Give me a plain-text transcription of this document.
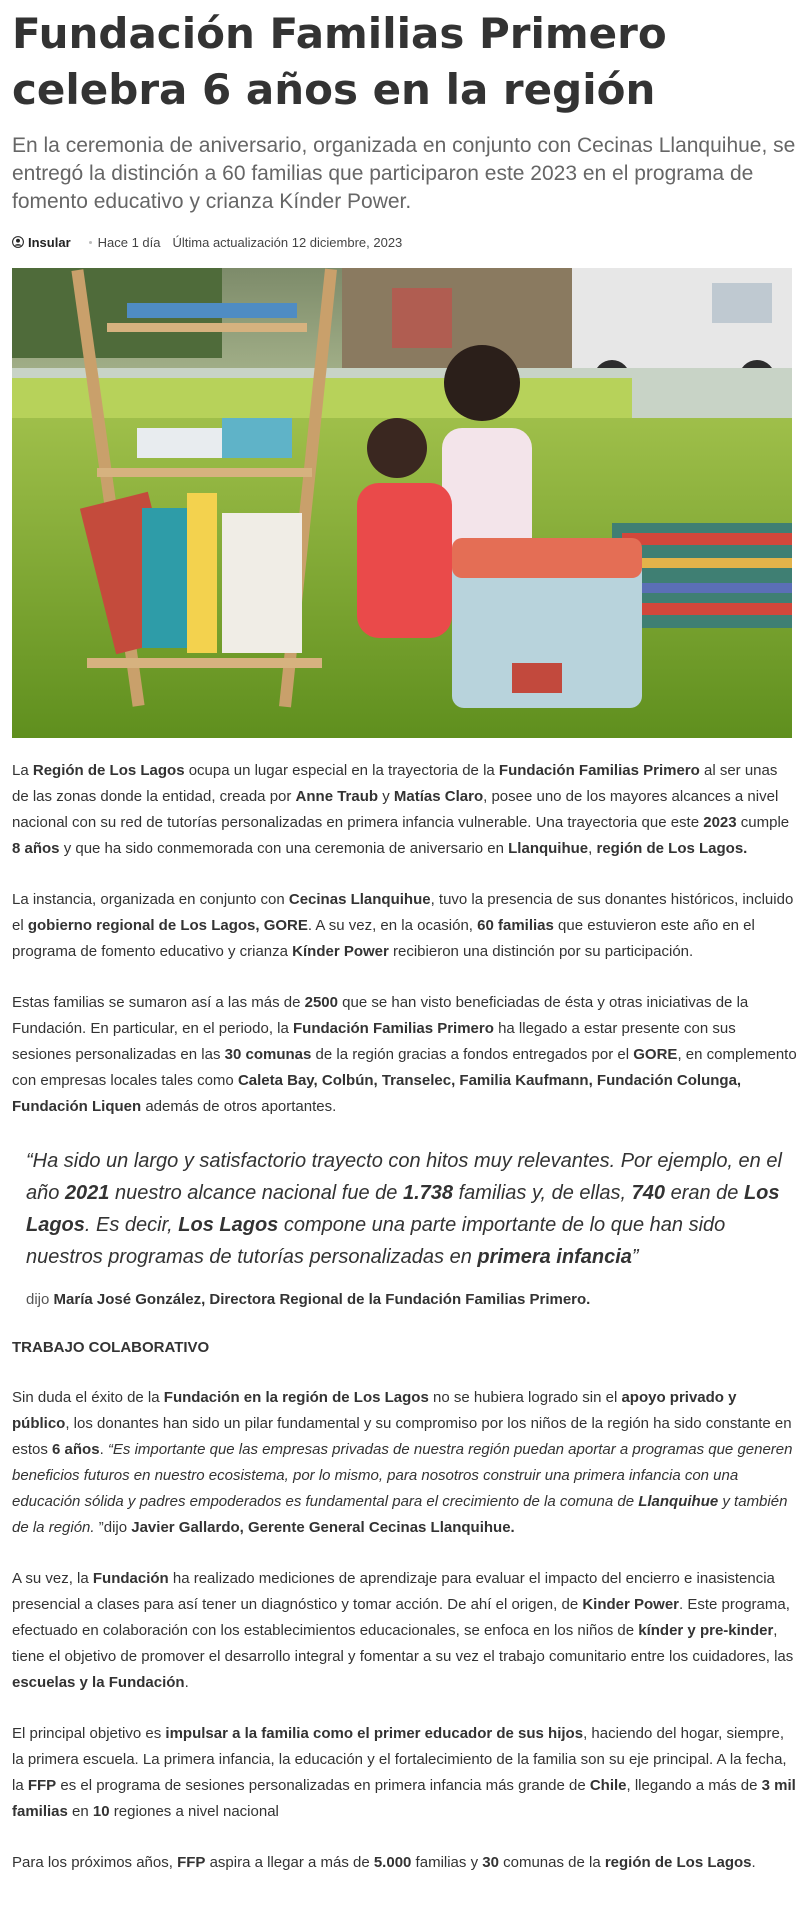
Fundación Familias Primero celebra 6 años en la región
En la ceremonia de aniversario, organizada en conjunto con Cecinas Llanquihue, se entregó la distinción a 60 familias que participaron este 2023 en el programa de fomento educativo y crianza Kínder Power.
Insular Hace 1 día Última actualización 12 diciembre, 2023

La Región de Los Lagos ocupa un lugar especial en la trayectoria de la Fundación Familias Primero al ser unas de las zonas donde la entidad, creada por Anne Traub y Matías Claro, posee uno de los mayores alcances a nivel nacional con su red de tutorías personalizadas en primera infancia vulnerable. Una trayectoria que este 2023 cumple 8 años y que ha sido conmemorada con una ceremonia de aniversario en Llanquihue, región de Los Lagos.

La instancia, organizada en conjunto con Cecinas Llanquihue, tuvo la presencia de sus donantes históricos, incluido el gobierno regional de Los Lagos, GORE. A su vez, en la ocasión, 60 familias que estuvieron este año en el programa de fomento educativo y crianza Kínder Power recibieron una distinción por su participación.

Estas familias se sumaron así a las más de 2500 que se han visto beneficiadas de ésta y otras iniciativas de la Fundación. En particular, en el periodo, la Fundación Familias Primero ha llegado a estar presente con sus sesiones personalizadas en las 30 comunas de la región gracias a fondos entregados por el GORE, en complemento con empresas locales tales como Caleta Bay, Colbún, Transelec, Familia Kaufmann, Fundación Colunga, Fundación Liquen además de otros aportantes.

“Ha sido un largo y satisfactorio trayecto con hitos muy relevantes. Por ejemplo, en el año 2021 nuestro alcance nacional fue de 1.738 familias y, de ellas, 740 eran de Los Lagos. Es decir, Los Lagos compone una parte importante de lo que han sido nuestros programas de tutorías personalizadas en primera infancia”
dijo María José González, Directora Regional de la Fundación Familias Primero.
TRABAJO COLABORATIVO

Sin duda el éxito de la Fundación en la región de Los Lagos no se hubiera logrado sin el apoyo privado y público, los donantes han sido un pilar fundamental y su compromiso por los niños de la región ha sido constante en estos 6 años. “Es importante que las empresas privadas de nuestra región puedan aportar a programas que generen beneficios futuros en nuestro ecosistema, por lo mismo, para nosotros construir una primera infancia con una educación sólida y padres empoderados es fundamental para el crecimiento de la comuna de Llanquihue y también de la región. ”dijo Javier Gallardo, Gerente General Cecinas Llanquihue.

A su vez, la Fundación ha realizado mediciones de aprendizaje para evaluar el impacto del encierro e inasistencia presencial a clases para así tener un diagnóstico y tomar acción. De ahí el origen, de Kinder Power. Este programa, efectuado en colaboración con los establecimientos educacionales, se enfoca en los niños de kínder y pre-kinder, tiene el objetivo de promover el desarrollo integral y fomentar a su vez el trabajo comunitario entre los cuidadores, las escuelas y la Fundación.

El principal objetivo es impulsar a la familia como el primer educador de sus hijos, haciendo del hogar, siempre, la primera escuela. La primera infancia, la educación y el fortalecimiento de la familia son su eje principal. A la fecha, la FFP es el programa de sesiones personalizadas en primera infancia más grande de Chile, llegando a más de 3 mil familias en 10 regiones a nivel nacional

Para los próximos años, FFP aspira a llegar a más de 5.000 familias y 30 comunas de la región de Los Lagos.
